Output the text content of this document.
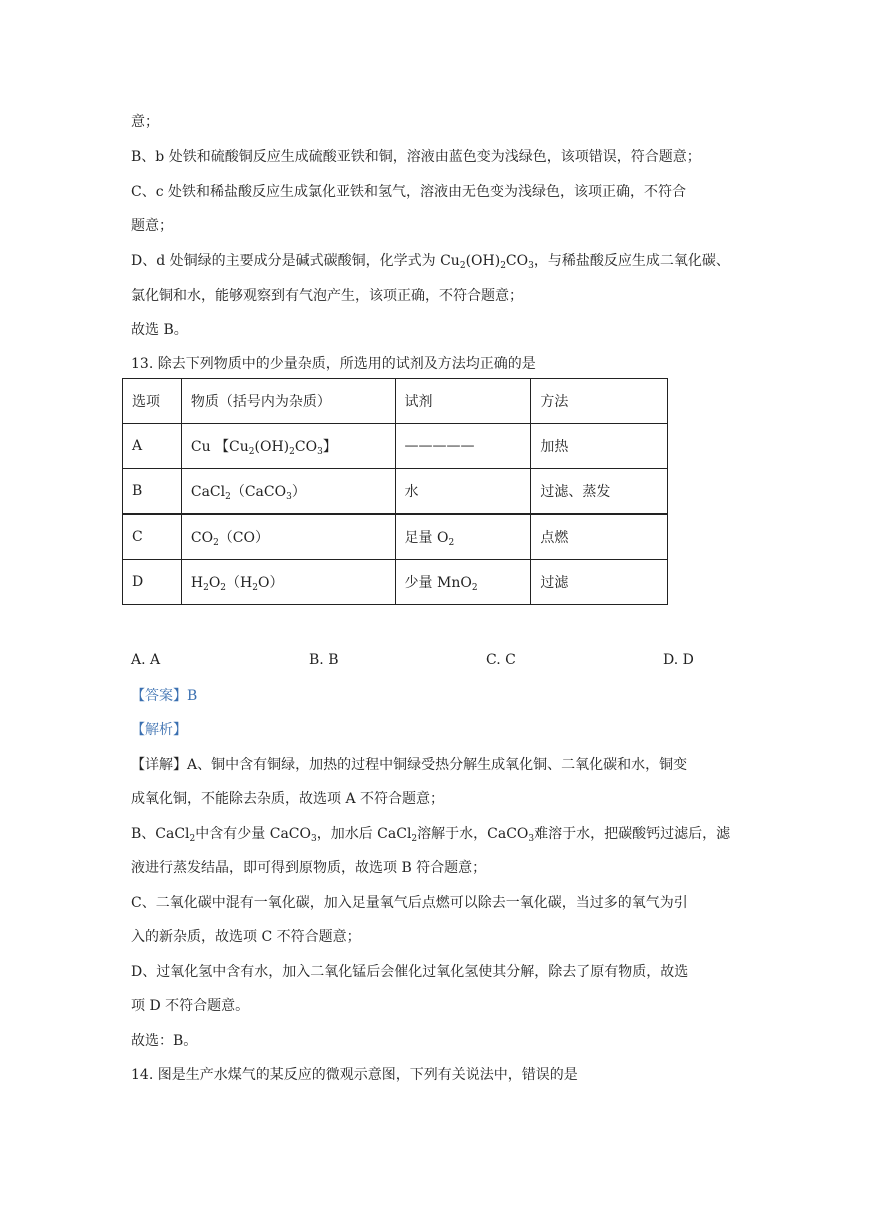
意；
B、b 处铁和硫酸铜反应生成硫酸亚铁和铜，溶液由蓝色变为浅绿色，该项错误，符合题意；
C、c 处铁和稀盐酸反应生成氯化亚铁和氢气，溶液由无色变为浅绿色，该项正确，不符合
题意；
D、d 处铜绿的主要成分是碱式碳酸铜，化学式为 $Cu_2(OH)_2CO_3$，与稀盐酸反应生成二氧化碳、
氯化铜和水，能够观察到有气泡产生，该项正确，不符合题意；
故选 B。
13. 除去下列物质中的少量杂质，所选用的试剂及方法均正确的是
选项	物质（括号内为杂质）	试剂	方法
A	Cu 【$Cu_2(OH)_2CO_3$】	—————	加热
B	CaCl$_2$（CaCO$_3$）	水	过滤、蒸发
C	$CO_2(CO)$	足量 $O_2$	点燃
D	$H_2O_2(H_2O)$	少量 MnO$_2$	过滤
A. A	B. B	C. C	D. D
【答案】B
【解析】
【详解】A、铜中含有铜绿，加热的过程中铜绿受热分解生成氧化铜、二氧化碳和水，铜变
成氧化铜，不能除去杂质，故选项 A 不符合题意；
B、CaCl$_2$中含有少量 CaCO$_3$，加水后 CaCl$_2$溶解于水，CaCO$_3$难溶于水，把碳酸钙过滤后，滤
液进行蒸发结晶，即可得到原物质，故选项 B 符合题意；
C、二氧化碳中混有一氧化碳，加入足量氧气后点燃可以除去一氧化碳，当过多的氧气为引
入的新杂质，故选项 C 不符合题意；
D、过氧化氢中含有水，加入二氧化锰后会催化过氧化氢使其分解，除去了原有物质，故选
项 D 不符合题意。
故选：B。
14. 图是生产水煤气的某反应的微观示意图，下列有关说法中，错误的是
